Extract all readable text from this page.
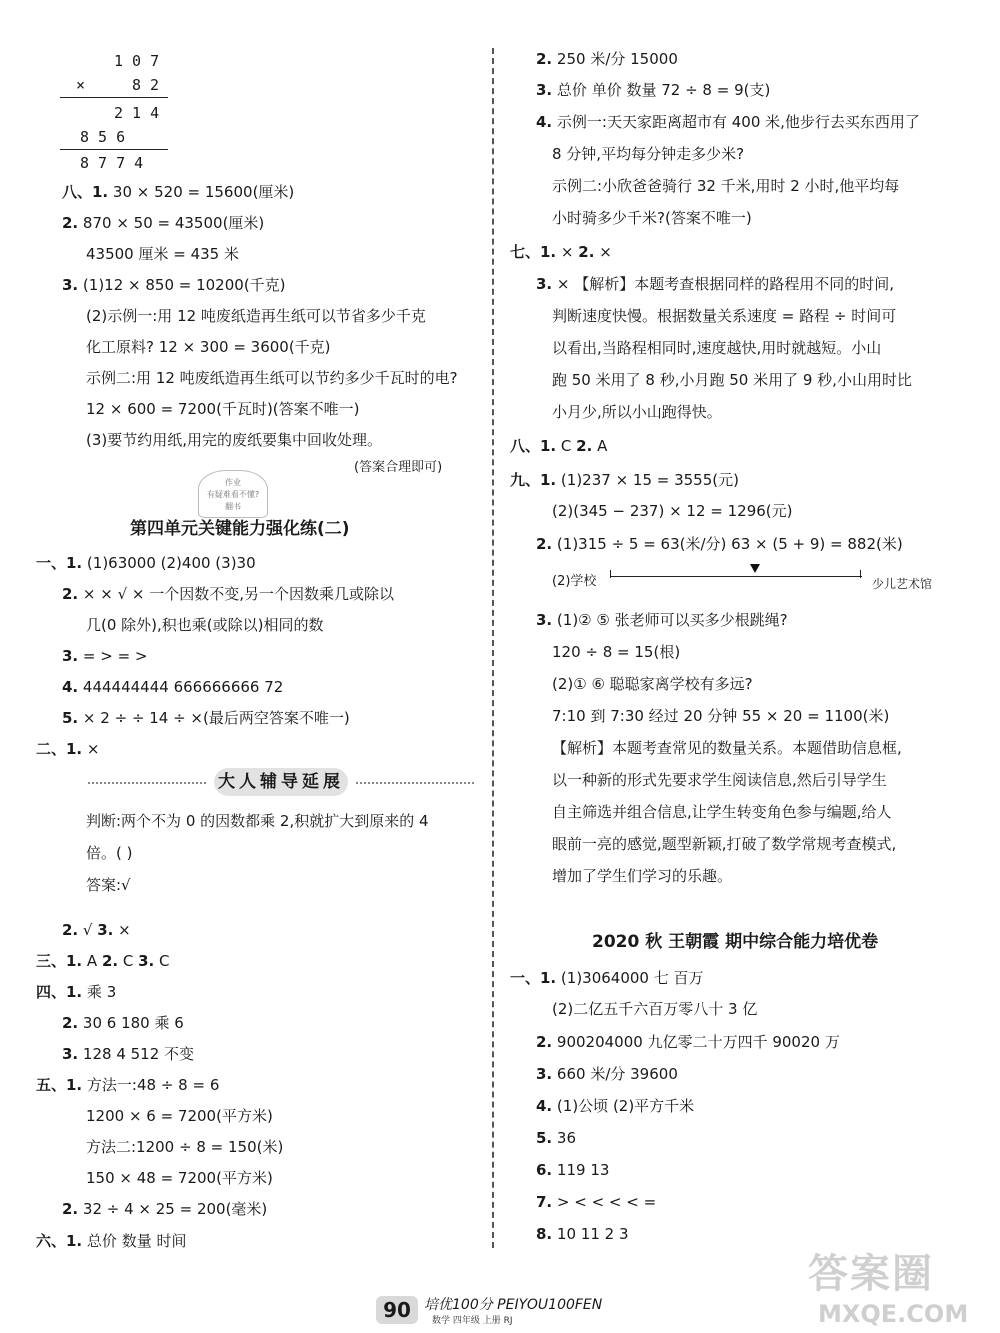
1 0 7
×	8 2
2 1 4
8 5 6
8 7 7 4
八、1. 30 × 520 = 15600(厘米)
2. 870 × 50 = 43500(厘米)
43500 厘米 = 435 米
3. (1)12 × 850 = 10200(千克)
(2)示例一:用 12 吨废纸造再生纸可以节省多少千克
化工原料? 12 × 300 = 3600(千克)
示例二:用 12 吨废纸造再生纸可以节约多少千瓦时的电?
12 × 600 = 7200(千瓦时)(答案不唯一)
(3)要节约用纸,用完的废纸要集中回收处理。
(答案合理即可)
作业
有疑难看不懂?
翻书
第四单元关键能力强化练(二)
一、1. (1)63000 (2)400 (3)30
2. × × √ × 一个因数不变,另一个因数乘几或除以
几(0 除外),积也乘(或除以)相同的数
3. = > = >
4. 444444444 666666666 72
5. × 2 ÷ ÷ 14 ÷ ×(最后两空答案不唯一)
二、1. ×
大人辅导延展
判断:两个不为 0 的因数都乘 2,积就扩大到原来的 4
倍。( )
答案:√
2. √ 3. ×
三、1. A 2. C 3. C
四、1. 乘 3
2. 30 6 180 乘 6
3. 128 4 512 不变
五、1. 方法一:48 ÷ 8 = 6
1200 × 6 = 7200(平方米)
方法二:1200 ÷ 8 = 150(米)
150 × 48 = 7200(平方米)
2. 32 ÷ 4 × 25 = 200(毫米)
六、1. 总价 数量 时间
2. 250 米/分 15000
3. 总价 单价 数量 72 ÷ 8 = 9(支)
4. 示例一:天天家距离超市有 400 米,他步行去买东西用了
8 分钟,平均每分钟走多少米?
示例二:小欣爸爸骑行 32 千米,用时 2 小时,他平均每
小时骑多少千米?(答案不唯一)
七、1. × 2. ×
3. × 【解析】本题考查根据同样的路程用不同的时间,
判断速度快慢。根据数量关系速度 = 路程 ÷ 时间可
以看出,当路程相同时,速度越快,用时就越短。小山
跑 50 米用了 8 秒,小月跑 50 米用了 9 秒,小山用时比
小月少,所以小山跑得快。
八、1. C 2. A
九、1. (1)237 × 15 = 3555(元)
(2)(345 − 237) × 12 = 1296(元)
2. (1)315 ÷ 5 = 63(米/分) 63 × (5 + 9) = 882(米)
(2)学校	少儿艺术馆
3. (1)② ⑤ 张老师可以买多少根跳绳?
120 ÷ 8 = 15(根)
(2)① ⑥ 聪聪家离学校有多远?
7:10 到 7:30 经过 20 分钟 55 × 20 = 1100(米)
【解析】本题考查常见的数量关系。本题借助信息框,
以一种新的形式先要求学生阅读信息,然后引导学生
自主筛选并组合信息,让学生转变角色参与编题,给人
眼前一亮的感觉,题型新颖,打破了数学常规考查模式,
增加了学生们学习的乐趣。
2020 秋 王朝霞 期中综合能力培优卷
一、1. (1)3064000 七 百万
(2)二亿五千六百万零八十 3 亿
2. 900204000 九亿零二十万四千 90020 万
3. 660 米/分 39600
4. (1)公顷 (2)平方千米
5. 36
6. 119 13
7. > < < < < =
8. 10 11 2 3
90 培优100分 PEIYOU100FEN
数学 四年级 上册 RJ
答案圈
MXQE.COM
